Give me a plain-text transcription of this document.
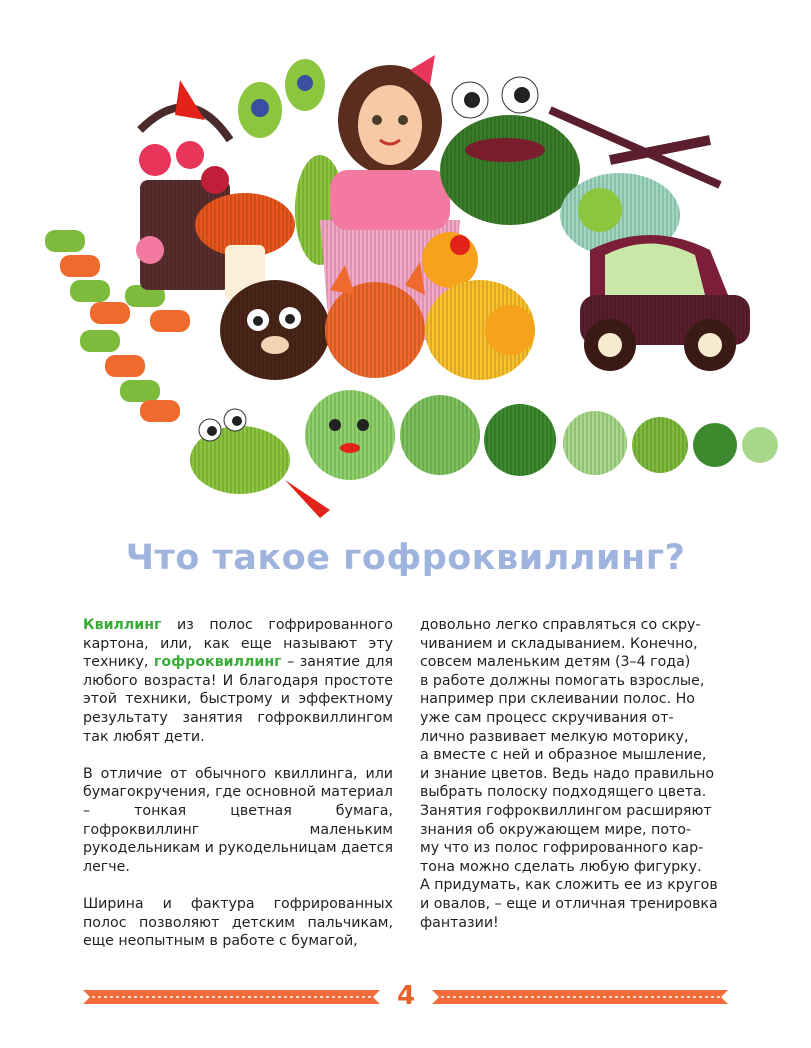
Что такое гофроквиллинг?

Квиллинг из полос гофрированного картона, или, как еще называют эту технику, гофроквиллинг – занятие для любого возраста! И благодаря простоте этой техники, быстрому и эффектному результату занятия гофроквиллингом так любят дети.

В отличие от обычного квиллинга, или бумагокручения, где основной материал – тонкая цветная бумага, гофроквиллинг маленьким рукодельникам и рукодельницам дается легче.

Ширина и фактура гофрированных полос позволяют детским пальчикам, еще неопытным в работе с бумагой,

довольно легко справляться со скру-
чиванием и складыванием. Конечно,
совсем маленьким детям (3–4 года)
в работе должны помогать взрослые,
например при склеивании полос. Но
уже сам процесс скручивания от-
лично развивает мелкую моторику,
а вместе с ней и образное мышление,
и знание цветов. Ведь надо правильно
выбрать полоску подходящего цвета.
Занятия гофроквиллингом расширяют
знания об окружающем мире, пото-
му что из полос гофрированного кар-
тона можно сделать любую фигурку.
А придумать, как сложить ее из кругов
и овалов, – еще и отличная тренировка
фантазии!
4
